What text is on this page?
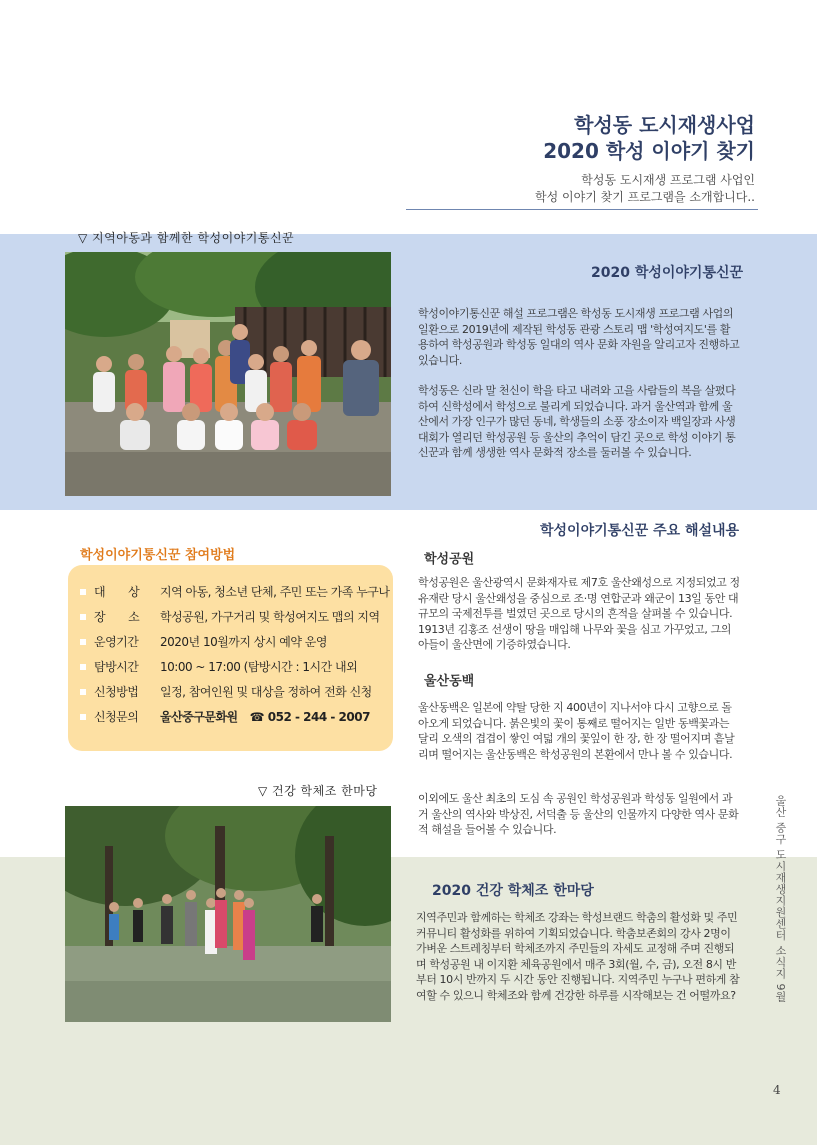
학성동 도시재생사업
2020 학성 이야기 찾기
학성동 도시재생 프로그램 사업인
학성 이야기 찾기 프로그램을 소개합니다..
▽ 지역아동과 함께한 학성이야기통신꾼
2020 학성이야기통신꾼

학성이야기통신꾼 해설 프로그램은 학성동 도시재생 프로그램 사업의 일환으로 2019년에 제작된 학성동 관광 스토리 맵 '학성여지도'를 활용하여 학성공원과 학성동 일대의 역사 문화 자원을 알리고자 진행하고 있습니다.

학성동은 신라 말 천신이 학을 타고 내려와 고을 사람들의 복을 살폈다 하여 신학성에서 학성으로 불리게 되었습니다. 과거 울산역과 함께 울산에서 가장 인구가 많던 동네, 학생들의 소풍 장소이자 백일장과 사생대회가 열리던 학성공원 등 울산의 추억이 담긴 곳으로 학성 이야기 통신꾼과 함께 생생한 역사 문화적 장소를 둘러볼 수 있습니다.

학성이야기통신꾼 주요 해설내용
학성공원
학성공원은 울산광역시 문화재자료 제7호 울산왜성으로 지정되었고 정유재란 당시 울산왜성을 중심으로 조·명 연합군과 왜군이 13일 동안 대규모의 국제전투를 벌였던 곳으로 당시의 흔적을 살펴볼 수 있습니다. 1913년 김홍조 선생이 땅을 매입해 나무와 꽃을 심고 가꾸었고, 그의 아들이 울산면에 기증하였습니다.
울산동백
울산동백은 일본에 약탈 당한 지 400년이 지나서야 다시 고향으로 돌아오게 되었습니다. 붉은빛의 꽃이 통째로 떨어지는 일반 동백꽃과는 달리 오색의 겹겹이 쌓인 여덟 개의 꽃잎이 한 장, 한 장 떨어지며 흩날리며 떨어지는 울산동백은 학성공원의 본환에서 만나 볼 수 있습니다.
이외에도 울산 최초의 도심 속 공원인 학성공원과 학성동 일원에서 과거 울산의 역사와 박상진, 서덕출 등 울산의 인물까지 다양한 역사 문화적 해설을 들어볼 수 있습니다.
학성이야기통신꾼 참여방법
대　　상	지역 아동, 청소년 단체, 주민 또는 가족 누구나
장　　소	학성공원, 가구거리 및 학성여지도 맵의 지역
운영기간	2020년 10월까지 상시 예약 운영
탐방시간	10:00 ~ 17:00 (탐방시간 : 1시간 내외
신청방법	일정, 참여인원 및 대상을 정하여 전화 신청
신청문의	울산중구문화원 ☎ 052 - 244 - 2007
▽ 건강 학체조 한마당
2020 건강 학체조 한마당
지역주민과 함께하는 학체조 강좌는 학성브랜드 학춤의 활성화 및 주민 커뮤니티 활성화를 위하여 기획되었습니다. 학춤보존회의 강사 2명이 가벼운 스트레칭부터 학체조까지 주민들의 자세도 교정해 주며 진행되며 학성공원 내 이지환 체육공원에서 매주 3회(월, 수, 금), 오전 8시 반부터 10시 반까지 두 시간 동안 진행됩니다. 지역주민 누구나 편하게 참여할 수 있으니 학체조와 함께 건강한 하루를 시작해보는 건 어떨까요?	울산 중구 도시재생지원센터 소식지 9월
4
